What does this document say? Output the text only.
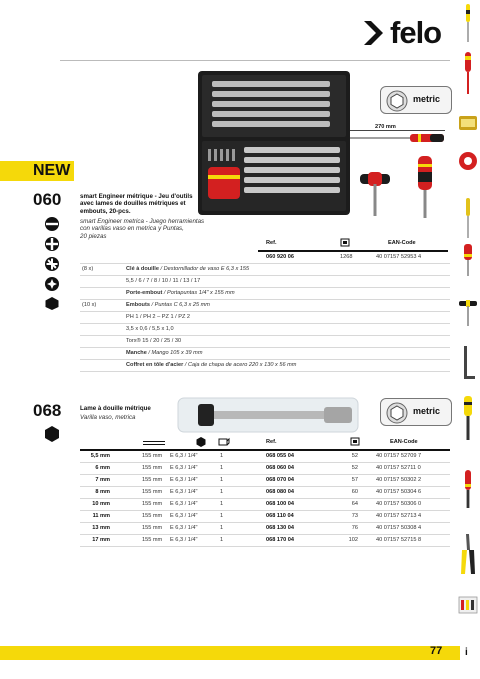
felo
NEW
metric
270 mm
060	smart Engineer métrique - Jeu d'outils
avec lames de douilles métriques et
embouts, 20-pcs.
smart Engineer metrica - Juego herramientas
con varillas vaso en metrica y Puntas,
20 piezas
Ref.	EAN-Code
060 920 06	1268	40 07157 52953 4
(8 x)	Clé à douille / Destornillador de vaso E 6,3 x 155
5,5 / 6 / 7 / 8 / 10 / 11 / 13 / 17
Porte-embout / Portapuntas 1/4" x 155 mm
(10 x)	Embouts / Puntas C 6,3 x 25 mm
PH 1 / PH 2 – PZ 1 / PZ 2
3,5 x 0,6 / 5,5 x 1,0
Torx® 15 / 20 / 25 / 30
Manche / Mango 105 x 39 mm
Coffret en tôle d'acier / Caja de chapa de acero 220 x 130 x 56 mm
068	Lame à douille métrique
Varilla vaso, metrica
metric
Ref.	EAN-Code
5,5 mm	155 mm E 6,3 / 1/4"	1	068 055 04	52	40 07157 52709 7
6 mm	155 mm E 6,3 / 1/4"	1	068 060 04	52	40 07157 52711 0
7 mm	155 mm E 6,3 / 1/4"	1	068 070 04	57	40 07157 50302 2
8 mm	155 mm E 6,3 / 1/4"	1	068 080 04	60	40 07157 50304 6
10 mm	155 mm E 6,3 / 1/4"	1	068 100 04	64	40 07157 50306 0
11 mm	155 mm E 6,3 / 1/4"	1	068 110 04	73	40 07157 52713 4
13 mm	155 mm E 6,3 / 1/4"	1	068 130 04	76	40 07157 50308 4
17 mm	155 mm E 6,3 / 1/4"	1	068 170 04	102	40 07157 52715 8
77 i
